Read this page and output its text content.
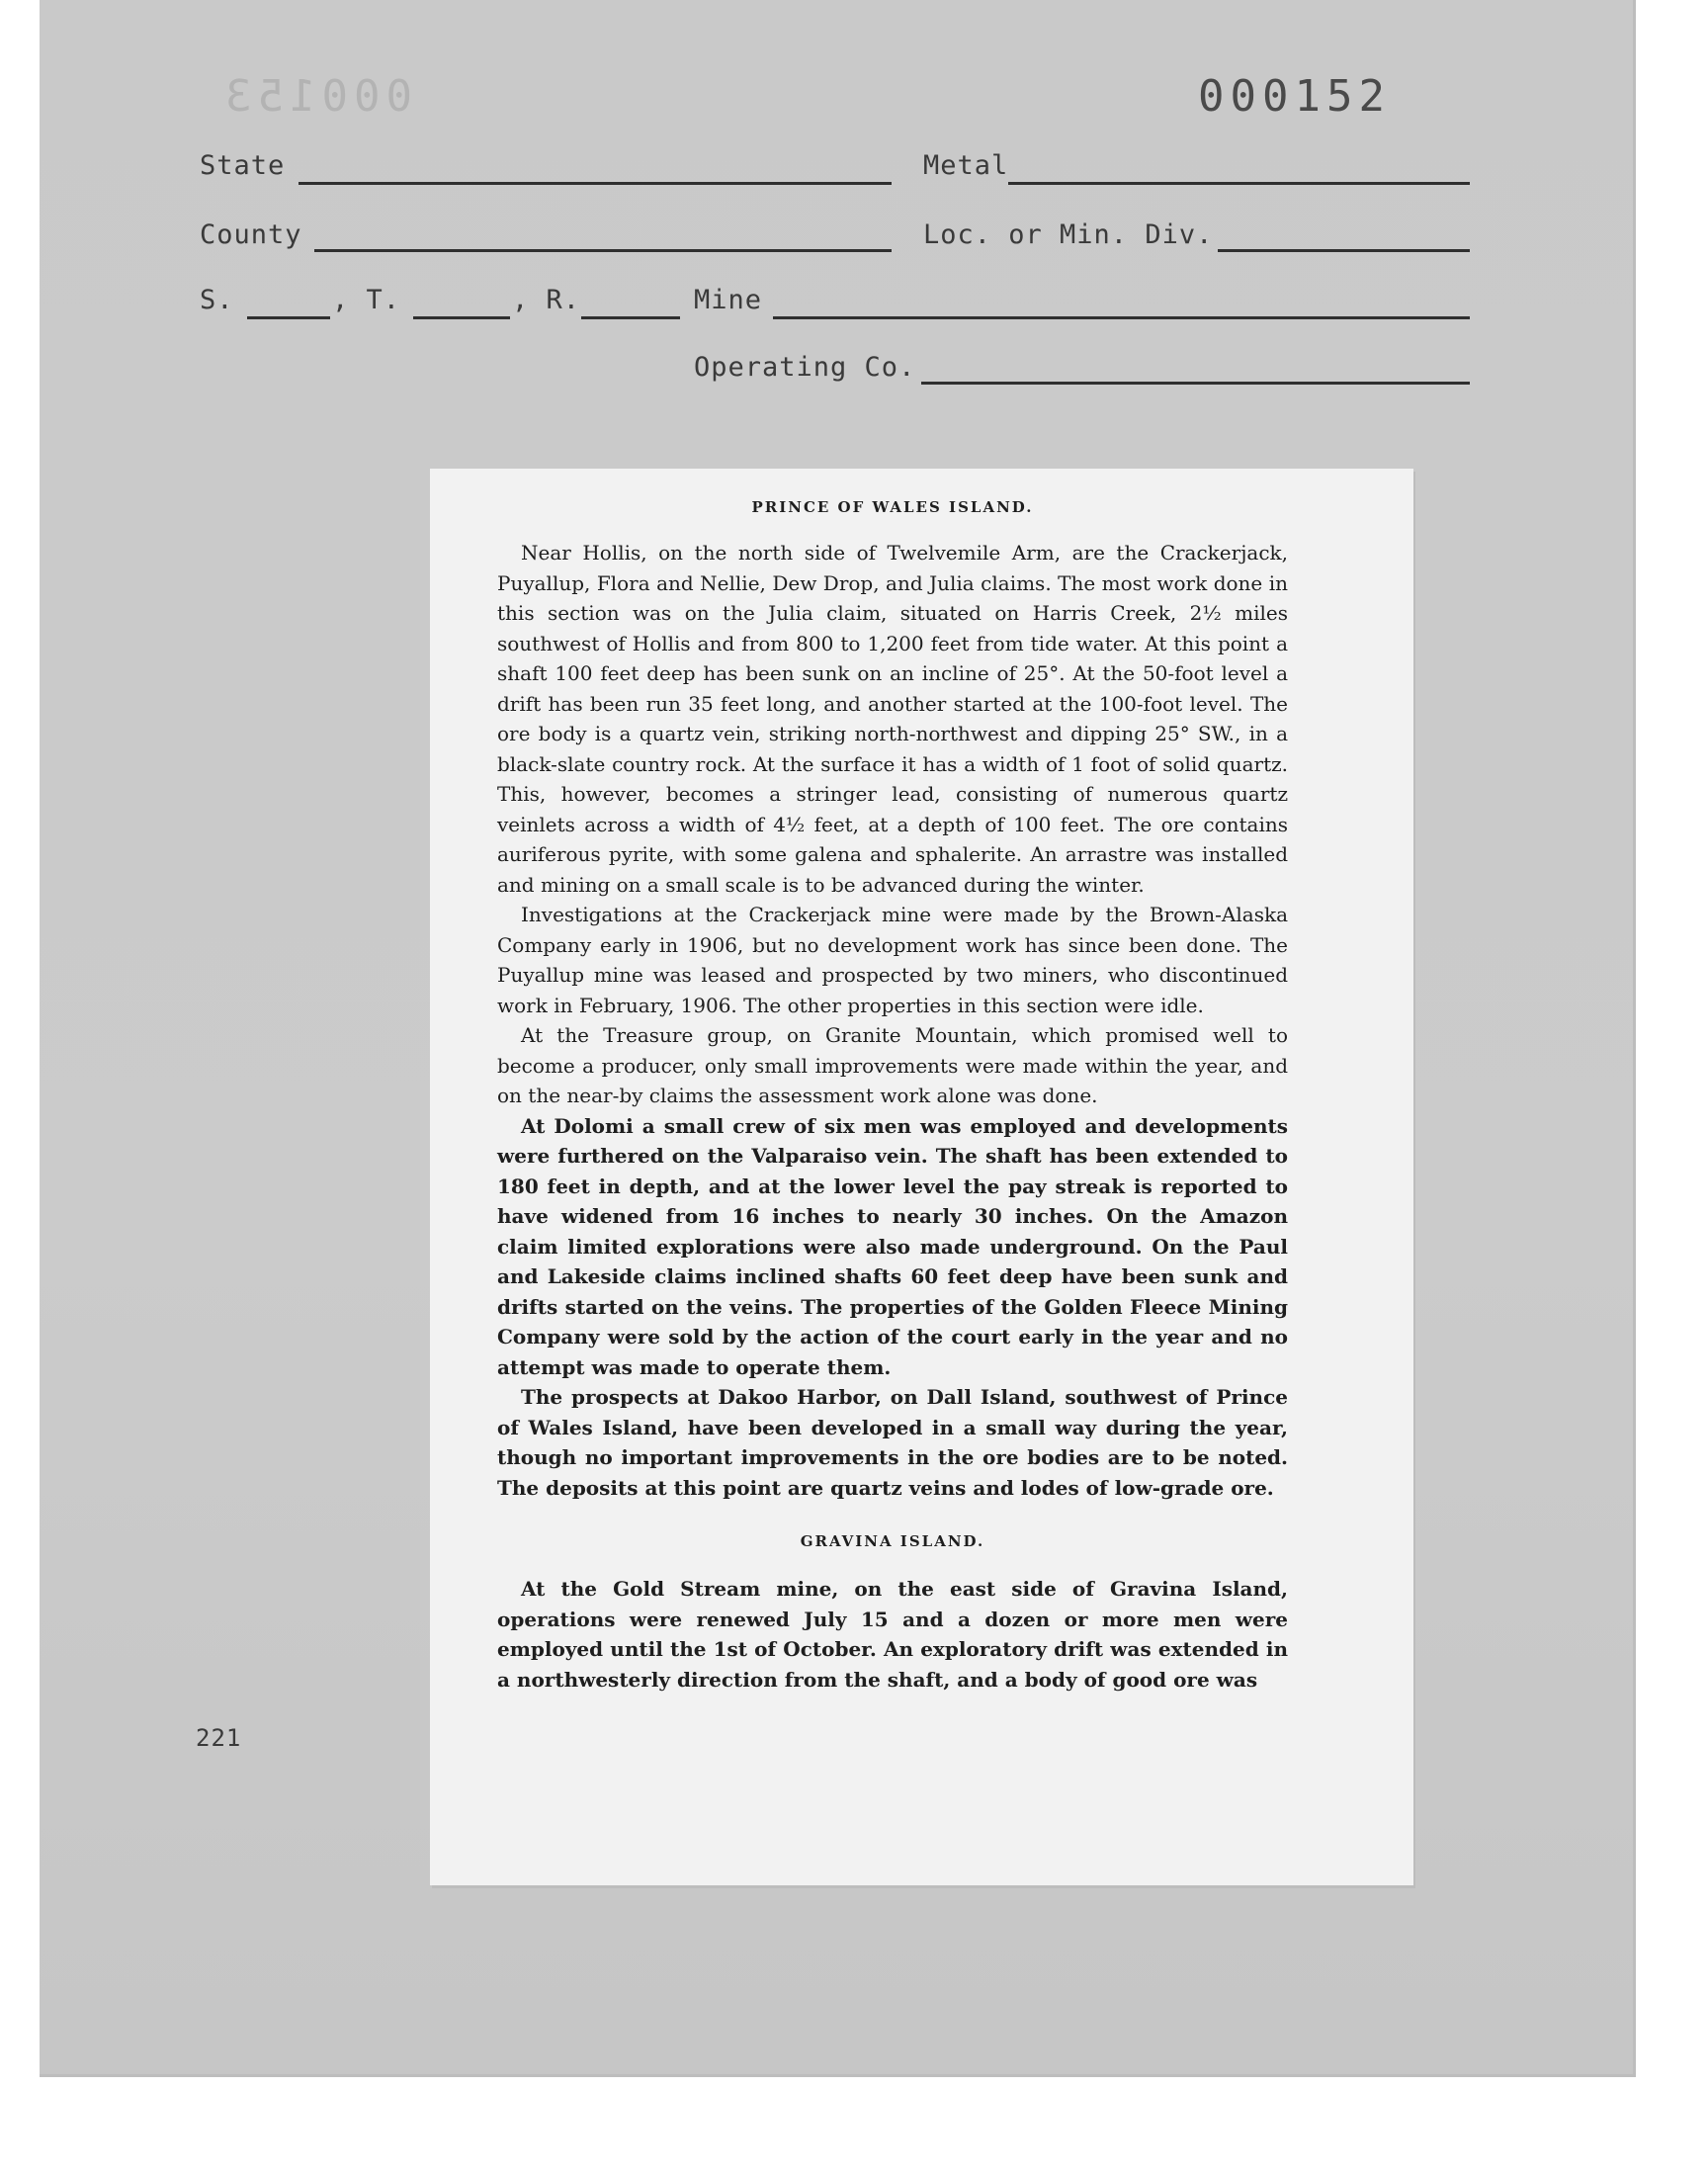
000153	000152
State	Metal
County	Loc. or Min. Div.
S.	, T.	, R.	Mine
Operating Co.
221
PRINCE OF WALES ISLAND.

Near Hollis, on the north side of Twelvemile Arm, are the Crackerjack, Puyallup, Flora and Nellie, Dew Drop, and Julia claims. The most work done in this section was on the Julia claim, situated on Harris Creek, 2½ miles southwest of Hollis and from 800 to 1,200 feet from tide water. At this point a shaft 100 feet deep has been sunk on an incline of 25°. At the 50-foot level a drift has been run 35 feet long, and another started at the 100-foot level. The ore body is a quartz vein, striking north-northwest and dipping 25° SW., in a black-slate country rock. At the surface it has a width of 1 foot of solid quartz. This, however, becomes a stringer lead, consisting of numerous quartz veinlets across a width of 4½ feet, at a depth of 100 feet. The ore contains auriferous pyrite, with some galena and sphalerite. An arrastre was installed and mining on a small scale is to be advanced during the winter.

Investigations at the Crackerjack mine were made by the Brown-Alaska Company early in 1906, but no development work has since been done. The Puyallup mine was leased and prospected by two miners, who discontinued work in February, 1906. The other properties in this section were idle.

At the Treasure group, on Granite Mountain, which promised well to become a producer, only small improvements were made within the year, and on the near-by claims the assessment work alone was done.

At Dolomi a small crew of six men was employed and developments were furthered on the Valparaiso vein. The shaft has been extended to 180 feet in depth, and at the lower level the pay streak is reported to have widened from 16 inches to nearly 30 inches. On the Amazon claim limited explorations were also made underground. On the Paul and Lakeside claims inclined shafts 60 feet deep have been sunk and drifts started on the veins. The properties of the Golden Fleece Mining Company were sold by the action of the court early in the year and no attempt was made to operate them.

The prospects at Dakoo Harbor, on Dall Island, southwest of Prince of Wales Island, have been developed in a small way during the year, though no important improvements in the ore bodies are to be noted. The deposits at this point are quartz veins and lodes of low-grade ore.

GRAVINA ISLAND.

At the Gold Stream mine, on the east side of Gravina Island, operations were renewed July 15 and a dozen or more men were employed until the 1st of October. An exploratory drift was extended in a northwesterly direction from the shaft, and a body of good ore was
